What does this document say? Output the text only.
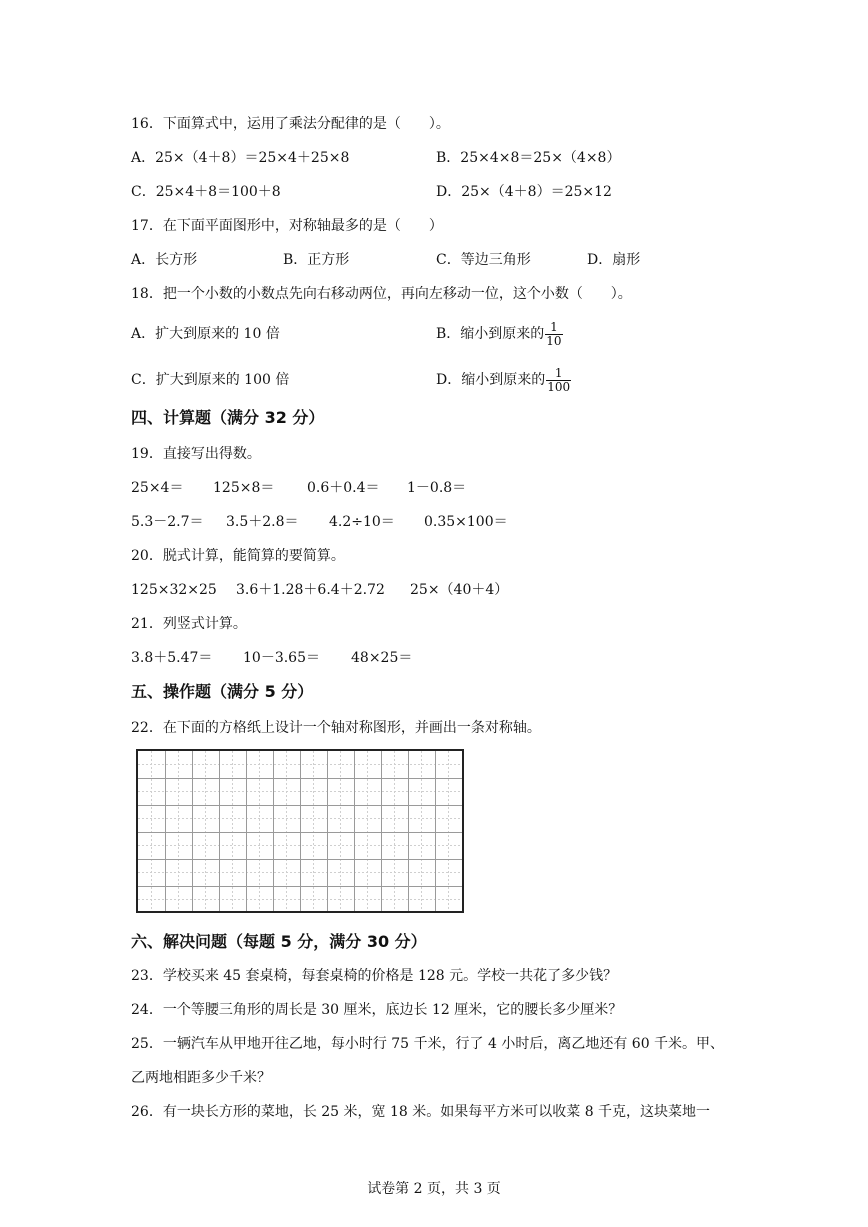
16．下面算式中，运用了乘法分配律的是（　　）。
A．25×（4＋8）＝25×4＋25×8	B．25×4×8＝25×（4×8）
C．25×4＋8＝100＋8	D．25×（4＋8）＝25×12
17．在下面平面图形中，对称轴最多的是（　　）
A．长方形	B．正方形	C．等边三角形	D．扇形
18．把一个小数的小数点先向右移动两位，再向左移动一位，这个小数（　　）。
A．扩大到原来的 10 倍	B．缩小到原来的 $\frac{1}{10}$
C．扩大到原来的 100 倍	D．缩小到原来的 $\frac{1}{100}$
四、计算题（满分 32 分）
19．直接写出得数。
25×4＝ 125×8＝ 0.6＋0.4＝ 1－0.8＝
5.3－2.7＝ 3.5＋2.8＝ 4.2÷10＝ 0.35×100＝
20．脱式计算，能简算的要简算。
125×32×25 3.6＋1.28＋6.4＋2.72 25×（40＋4）
21．列竖式计算。
3.8＋5.47＝ 10－3.65＝ 48×25＝
五、操作题（满分 5 分）
22．在下面的方格纸上设计一个轴对称图形，并画出一条对称轴。
六、解决问题（每题 5 分，满分 30 分）
23．学校买来 45 套桌椅，每套桌椅的价格是 128 元。学校一共花了多少钱？
24．一个等腰三角形的周长是 30 厘米，底边长 12 厘米，它的腰长多少厘米？
25．一辆汽车从甲地开往乙地，每小时行 75 千米，行了 4 小时后，离乙地还有 60 千米。甲、
乙两地相距多少千米？
26．有一块长方形的菜地，长 25 米，宽 18 米。如果每平方米可以收菜 8 千克，这块菜地一
试卷第 2 页，共 3 页
